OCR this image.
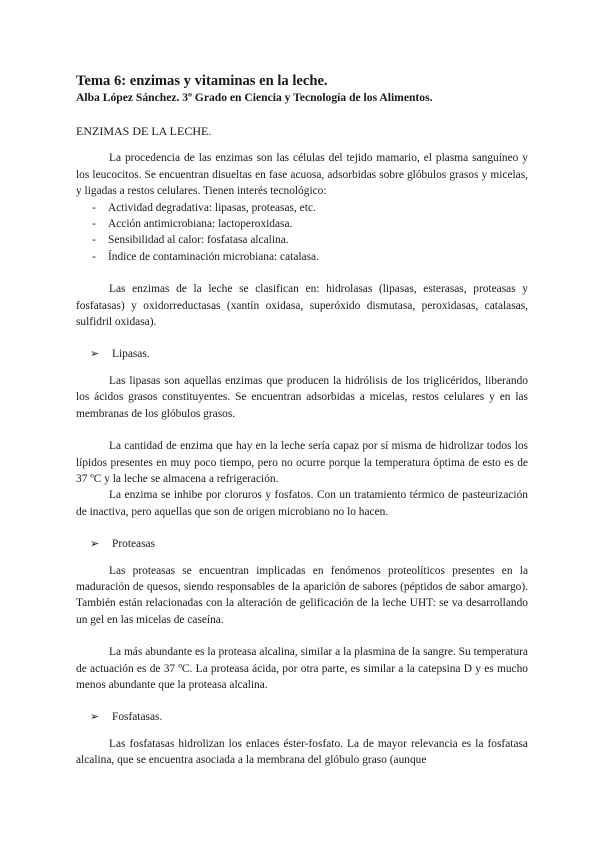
Tema 6: enzimas y vitaminas en la leche.
Alba López Sánchez. 3º Grado en Ciencia y Tecnología de los Alimentos.
ENZIMAS DE LA LECHE.

La procedencia de las enzimas son las células del tejido mamario, el plasma sanguíneo y los leucocitos. Se encuentran disueltas en fase acuosa, adsorbidas sobre glóbulos grasos y micelas, y ligadas a restos celulares. Tienen interés tecnológico:

- Actividad degradativa: lipasas, proteasas, etc.
- Acción antimicrobiana: lactoperoxidasa.
- Sensibilidad al calor: fosfatasa alcalina.
- Índice de contaminación microbiana: catalasa.

Las enzimas de la leche se clasifican en: hidrolasas (lipasas, esterasas, proteasas y fosfatasas) y oxidorreductasas (xantín oxidasa, superóxido dismutasa, peroxidasas, catalasas, sulfidril oxidasa).

➢ Lipasas.

Las lipasas son aquellas enzimas que producen la hidrólisis de los triglicéridos, liberando los ácidos grasos constituyentes. Se encuentran adsorbidas a micelas, restos celulares y en las membranas de los glóbulos grasos.

La cantidad de enzima que hay en la leche sería capaz por sí misma de hidrolizar todos los lípidos presentes en muy poco tiempo, pero no ocurre porque la temperatura óptima de esto es de 37 ºC y la leche se almacena a refrigeración.

La enzima se inhibe por cloruros y fosfatos. Con un tratamiento térmico de pasteurización de inactiva, pero aquellas que son de origen microbiano no lo hacen.

➢ Proteasas

Las proteasas se encuentran implicadas en fenómenos proteolíticos presentes en la maduración de quesos, siendo responsables de la aparición de sabores (péptidos de sabor amargo). También están relacionadas con la alteración de gelificación de la leche UHT: se va desarrollando un gel en las micelas de caseína.

La más abundante es la proteasa alcalina, similar a la plasmina de la sangre. Su temperatura de actuación es de 37 ºC. La proteasa ácida, por otra parte, es similar a la catepsina D y es mucho menos abundante que la proteasa alcalina.

➢ Fosfatasas.

Las fosfatasas hidrolizan los enlaces éster-fosfato. La de mayor relevancia es la fosfatasa alcalina, que se encuentra asociada a la membrana del glóbulo graso (aunque
